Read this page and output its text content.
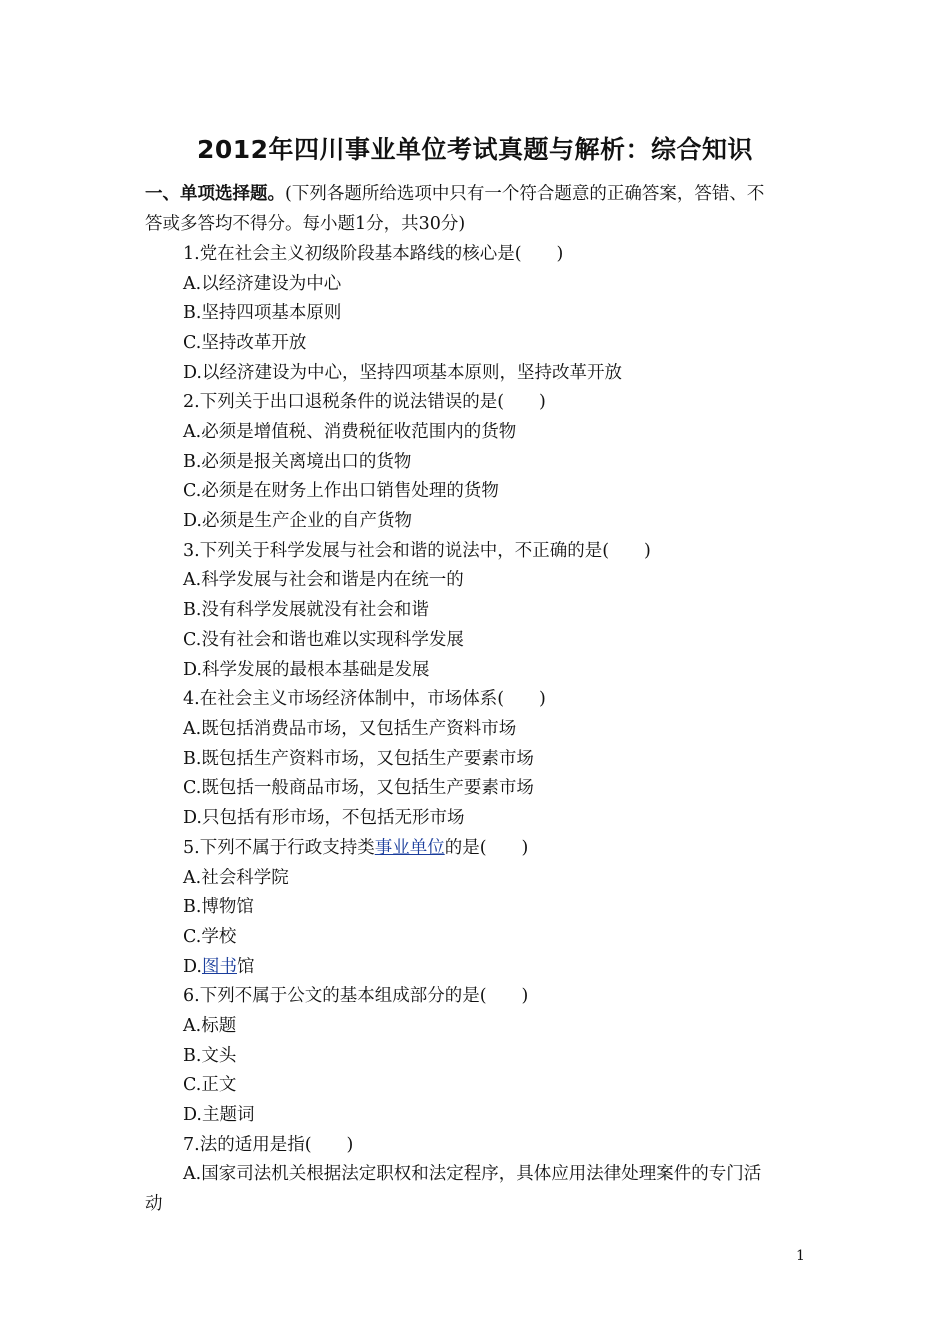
2012年四川事业单位考试真题与解析：综合知识
一、单项选择题。(下列各题所给选项中只有一个符合题意的正确答案，答错、不
答或多答均不得分。每小题1分，共30分)
1.党在社会主义初级阶段基本路线的核心是(　　)
A.以经济建设为中心
B.坚持四项基本原则
C.坚持改革开放
D.以经济建设为中心，坚持四项基本原则，坚持改革开放
2.下列关于出口退税条件的说法错误的是(　　)
A.必须是增值税、消费税征收范围内的货物
B.必须是报关离境出口的货物
C.必须是在财务上作出口销售处理的货物
D.必须是生产企业的自产货物
3.下列关于科学发展与社会和谐的说法中，不正确的是(　　)
A.科学发展与社会和谐是内在统一的
B.没有科学发展就没有社会和谐
C.没有社会和谐也难以实现科学发展
D.科学发展的最根本基础是发展
4.在社会主义市场经济体制中，市场体系(　　)
A.既包括消费品市场，又包括生产资料市场
B.既包括生产资料市场，又包括生产要素市场
C.既包括一般商品市场，又包括生产要素市场
D.只包括有形市场，不包括无形市场
5.下列不属于行政支持类事业单位的是(　　)
A.社会科学院
B.博物馆
C.学校
D.图书馆
6.下列不属于公文的基本组成部分的是(　　)
A.标题
B.文头
C.正文
D.主题词
7.法的适用是指(　　)
A.国家司法机关根据法定职权和法定程序，具体应用法律处理案件的专门活
动
1
